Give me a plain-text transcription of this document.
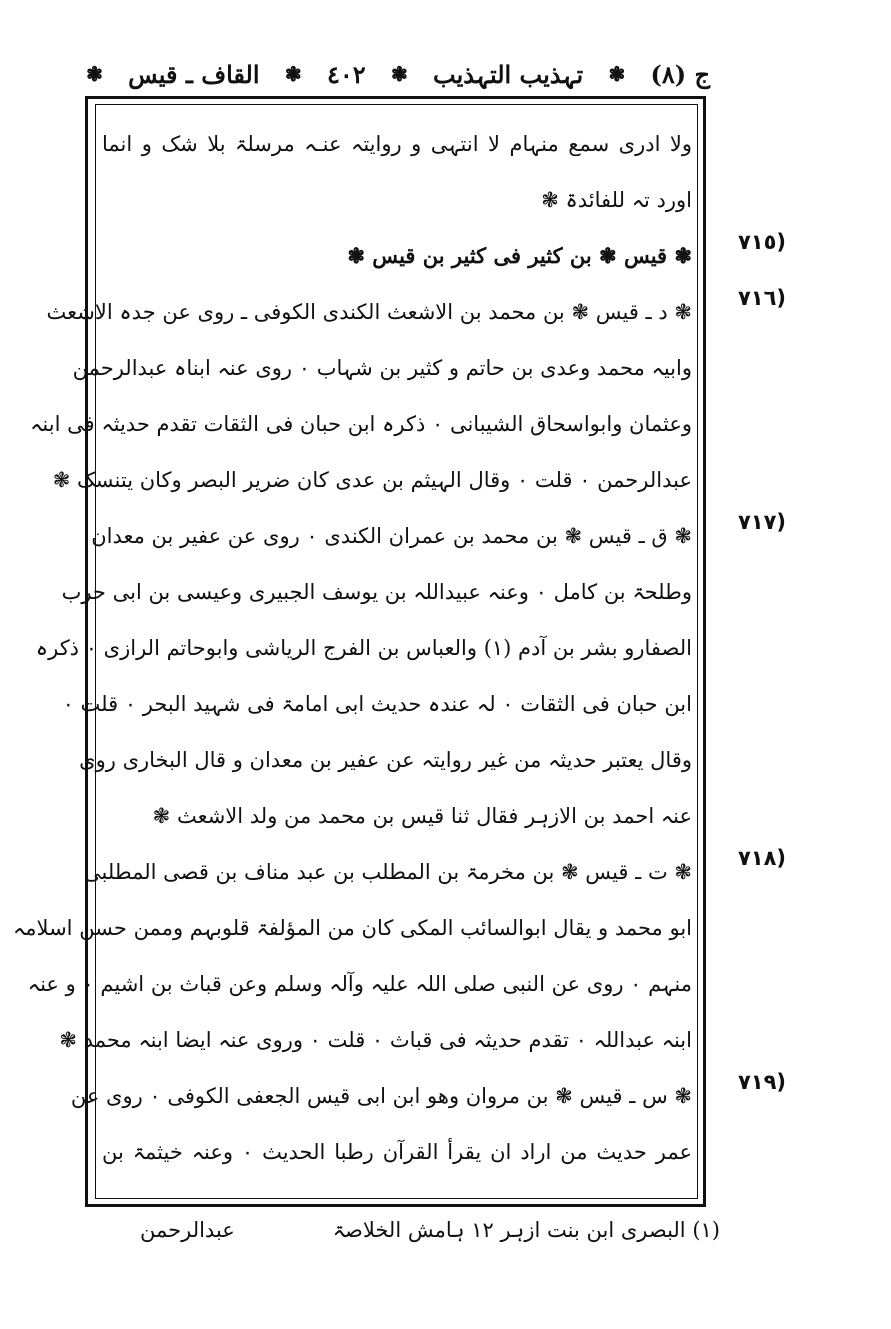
ج (٨)
❃
تہذیب التہذیب
❃
٤٠٢
❃
القاف ـ قیس
❃
(٧١٥
(٧١٦
(٧١٧
(٧١٨
(٧١٩
ولا ادری سمع منہام لا انتہی و روایتہ عنـہ مرسلۃ بلا شک و انما
اورد تہ للفائدۃ ❃
❃ قیس ❃ بن کثیر فی کثیر بن قیس ❃
❃ د ـ قیس ❃ بن محمد بن الاشعث الکندی الکوفی ـ روی عن جدہ الاشعث
وابیہ محمد وعدی بن حاتم و کثیر بن شہاب ٠ روی عنہ ابناہ عبدالرحمن
وعثمان وابواسحاق الشیبانی ٠ ذکرہ ابن حبان فی الثقات تقدم حدیثہ فی ابنہ
عبدالرحمن ٠ قلت ٠ وقال الہیثم بن عدی کان ضریر البصر وکان یتنسک ❃
❃ ق ـ قیس ❃ بن محمد بن عمران الکندی ٠ روی عن عفیر بن معدان
وطلحۃ بن کامل ٠ وعنہ عبیداللہ بن یوسف الجبیری وعیسی بن ابی حرب
الصفارو بشر بن آدم (١) والعباس بن الفرج الریاشی وابوحاتم الرازی ٠ ذکرہ
ابن حبان فی الثقات ٠ لہ عندہ حدیث ابی امامۃ فی شہید البحر ٠ قلت ٠
وقال یعتبر حدیثہ من غیر روایتہ عن عفیر بن معدان و قال البخاری روی
عنہ احمد بن الازہر فقال ثنا قیس بن محمد من ولد الاشعث ❃
❃ ت ـ قیس ❃ بن مخرمۃ بن المطلب بن عبد مناف بن قصی المطلبی
ابو محمد و یقال ابوالسائب المکی کان من المؤلفۃ قلوبہم وممن حسن اسلامہ
منہم ٠ روی عن النبی صلی اللہ علیہ وآلہ وسلم وعن قباث بن اشیم ٠ و عنہ
ابنہ عبداللہ ٠ تقدم حدیثہ فی قباث ٠ قلت ٠ وروی عنہ ایضا ابنہ محمد ❃
❃ س ـ قیس ❃ بن مروان وھو ابن ابی قیس الجعفی الکوفی ٠ روی عن
عمر حدیث من اراد ان یقرأ القرآن رطبا الحدیث ٠ وعنہ خیثمۃ بن
(١) البصری ابن بنت ازہر ١٢ ہامش الخلاصۃ
عبدالرحمن
